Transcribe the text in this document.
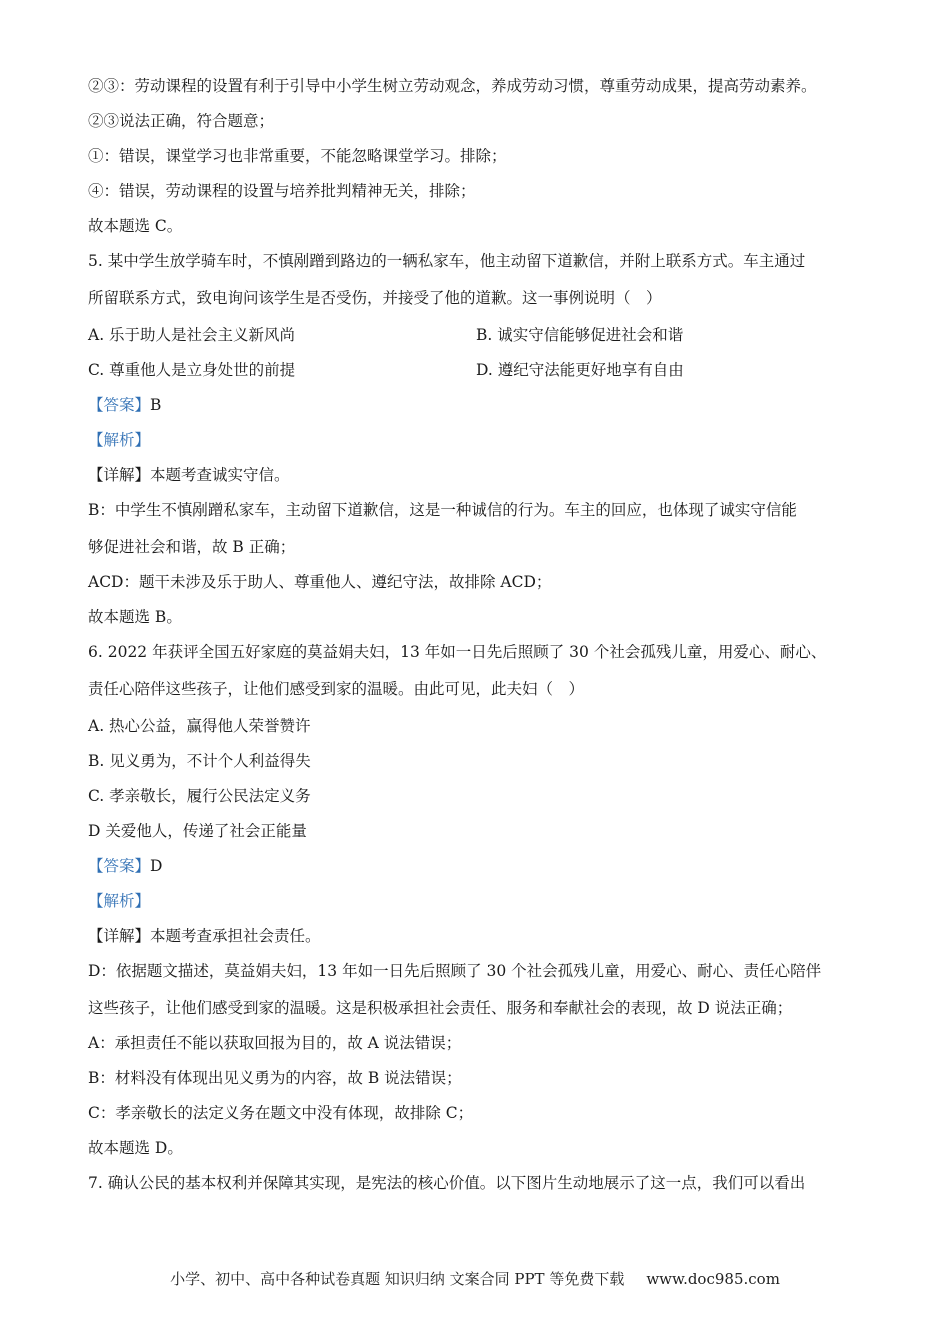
②③：劳动课程的设置有利于引导中小学生树立劳动观念，养成劳动习惯，尊重劳动成果，提高劳动素养。
②③说法正确，符合题意；
①：错误，课堂学习也非常重要，不能忽略课堂学习。排除；
④：错误，劳动课程的设置与培养批判精神无关，排除；
故本题选 C。
5. 某中学生放学骑车时，不慎剐蹭到路边的一辆私家车，他主动留下道歉信，并附上联系方式。车主通过
所留联系方式，致电询问该学生是否受伤，并接受了他的道歉。这一事例说明（　）
A. 乐于助人是社会主义新风尚	B. 诚实守信能够促进社会和谐
C. 尊重他人是立身处世的前提	D. 遵纪守法能更好地享有自由
【答案】B
【解析】
【详解】本题考查诚实守信。
B：中学生不慎剐蹭私家车，主动留下道歉信，这是一种诚信的行为。车主的回应，也体现了诚实守信能
够促进社会和谐，故 B 正确；
ACD：题干未涉及乐于助人、尊重他人、遵纪守法，故排除 ACD；
故本题选 B。
6. 2022 年获评全国五好家庭的莫益娟夫妇，13 年如一日先后照顾了 30 个社会孤残儿童，用爱心、耐心、
责任心陪伴这些孩子，让他们感受到家的温暖。由此可见，此夫妇（　）
A. 热心公益，赢得他人荣誉赞许
B. 见义勇为，不计个人利益得失
C. 孝亲敬长，履行公民法定义务
D 关爱他人，传递了社会正能量
【答案】D
【解析】
【详解】本题考查承担社会责任。
D：依据题文描述，莫益娟夫妇，13 年如一日先后照顾了 30 个社会孤残儿童，用爱心、耐心、责任心陪伴
这些孩子，让他们感受到家的温暖。这是积极承担社会责任、服务和奉献社会的表现，故 D 说法正确；
A：承担责任不能以获取回报为目的，故 A 说法错误；
B：材料没有体现出见义勇为的内容，故 B 说法错误；
C：孝亲敬长的法定义务在题文中没有体现，故排除 C；
故本题选 D。
7. 确认公民的基本权利并保障其实现，是宪法的核心价值。以下图片生动地展示了这一点，我们可以看出
小学、初中、高中各种试卷真题 知识归纳 文案合同 PPT 等免费下载 www.doc985.com
